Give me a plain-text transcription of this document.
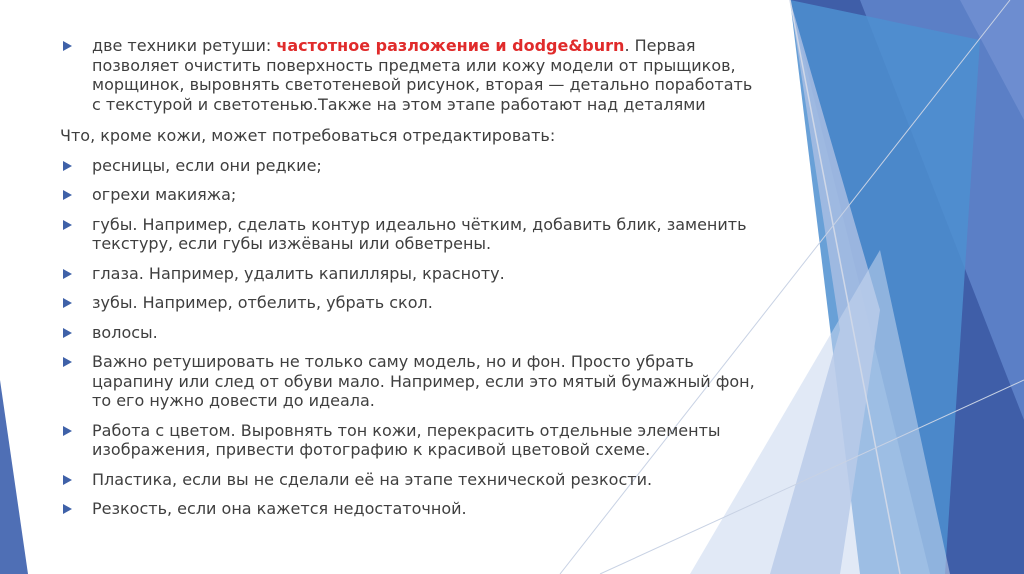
две техники ретуши: частотное разложение и dodge&burn. Первая позволяет очистить поверхность предмета или кожу модели от прыщиков, морщинок, выровнять светотеневой рисунок, вторая — детально поработать с текстурой и светотенью.Также на этом этапе работают над деталями
Что, кроме кожи, может потребоваться отредактировать:
ресницы, если они редкие;
огрехи макияжа;
губы. Например, сделать контур идеально чётким, добавить блик, заменить текстуру, если губы изжёваны или обветрены.
глаза. Например, удалить капилляры, красноту.
зубы. Например, отбелить, убрать скол.
волосы.
Важно ретушировать не только саму модель, но и фон. Просто убрать царапину или след от обуви мало. Например, если это мятый бумажный фон, то его нужно довести до идеала.
Работа с цветом. Выровнять тон кожи, перекрасить отдельные элементы изображения, привести фотографию к красивой цветовой схеме.
Пластика, если вы не сделали её на этапе технической резкости.
Резкость, если она кажется недостаточной.
